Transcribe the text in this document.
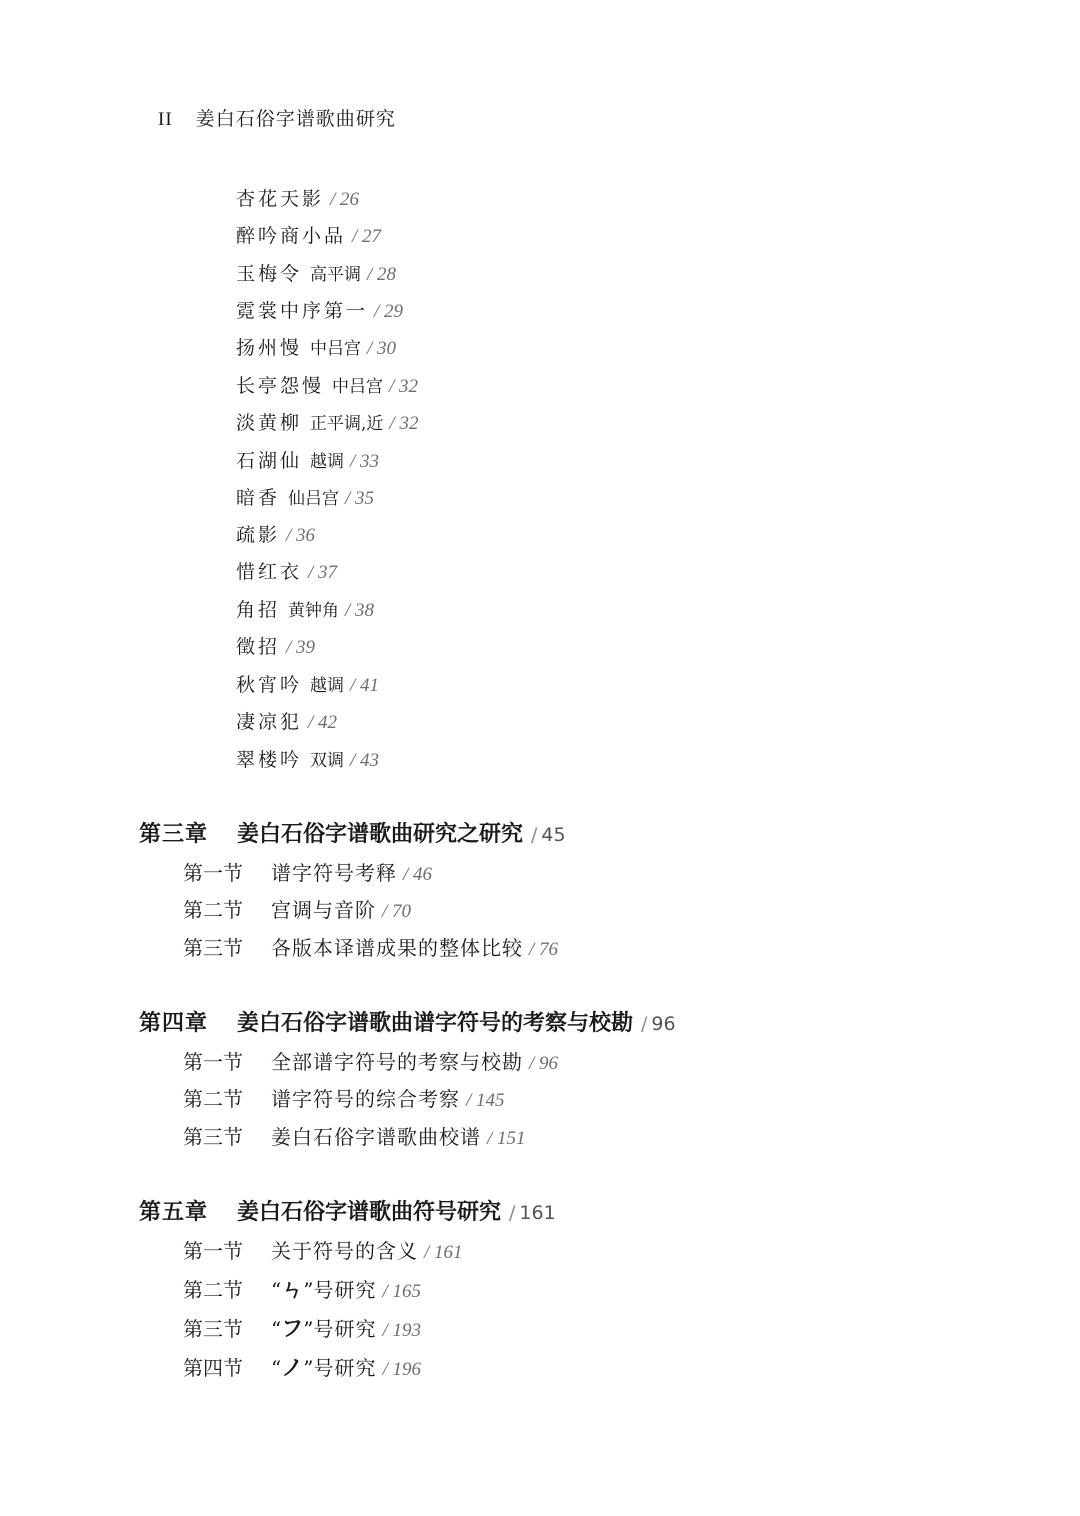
II 姜白石俗字谱歌曲研究
杏花天影 / 26
醉吟商小品 / 27
玉梅令 高平调 / 28
霓裳中序第一 / 29
扬州慢 中吕宫 / 30
长亭怨慢 中吕宫 / 32
淡黄柳 正平调,近 / 32
石湖仙 越调 / 33
暗香 仙吕宫 / 35
疏影 / 36
惜红衣 / 37
角招 黄钟角 / 38
徵招 / 39
秋宵吟 越调 / 41
凄凉犯 / 42
翠楼吟 双调 / 43
第三章 姜白石俗字谱歌曲研究之研究 / 45
第一节 谱字符号考释 / 46
第二节 宫调与音阶 / 70
第三节 各版本译谱成果的整体比较 / 76
第四章 姜白石俗字谱歌曲谱字符号的考察与校勘 / 96
第一节 全部谱字符号的考察与校勘 / 96
第二节 谱字符号的综合考察 / 145
第三节 姜白石俗字谱歌曲校谱 / 151
第五章 姜白石俗字谱歌曲符号研究 / 161
第一节 关于符号的含义 / 161
第二节 “ㄣ”号研究 / 165
第三节 “フ”号研究 / 193
第四节 “ノ”号研究 / 196
